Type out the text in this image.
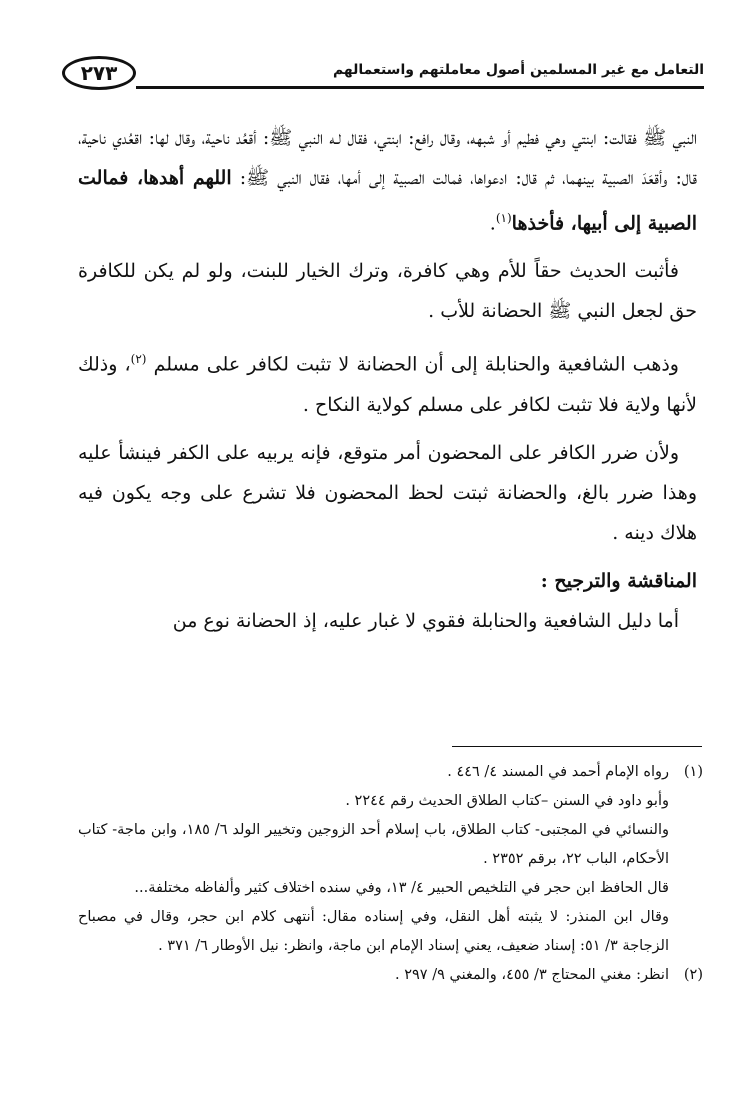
التعامل مع غير المسلمين أصول معاملتهم واستعمالهم
٢٧٣

النبي ﷺ فقالت: ابنتي وهي فطيم أو شبهه، وقال رافع: ابنتي، فقال لـه النبي ﷺ: أقعُد ناحية، وقال لها: اقعُدي ناحية، قال: وأقعَدَ الصبية بينهما، ثم قال: ادعواها، فمالت الصبية إلى أمها، فقال النبي ﷺ: اللهم أهدها، فمالت الصبية إلى أبيها، فأخذها$^{(١)}$.

فأثبت الحديث حقاً للأم وهي كافرة، وترك الخيار للبنت، ولو لم يكن للكافرة حق لجعل النبي ﷺ الحضانة للأب .

وذهب الشافعية والحنابلة إلى أن الحضانة لا تثبت لكافر على مسلم $^{(٢)}$، وذلك لأنها ولاية فلا تثبت لكافر على مسلم كولاية النكاح .

ولأن ضرر الكافر على المحضون أمر متوقع، فإنه يربيه على الكفر فينشأ عليه وهذا ضرر بالغ، والحضانة ثبتت لحظ المحضون فلا تشرع على وجه يكون فيه هلاك دينه .

المناقشة والترجيح :

أما دليل الشافعية والحنابلة فقوي لا غبار عليه، إذ الحضانة نوع من

(١)رواه الإمام أحمد في المسند ٤/ ٤٤٦ .

وأبو داود في السنن –كتاب الطلاق الحديث رقم ٢٢٤٤ .

والنسائي في المجتبى- كتاب الطلاق، باب إسلام أحد الزوجين وتخيير الولد ٦/ ١٨٥، وابن ماجة- كتاب الأحكام، الباب ٢٢، برقم ٢٣٥٢ .

قال الحافظ ابن حجر في التلخيص الحبير ٤/ ١٣، وفي سنده اختلاف كثير وألفاظه مختلفة...

وقال ابن المنذر: لا يثبته أهل النقل، وفي إسناده مقال: أنتهى كلام ابن حجر، وقال في مصباح الزجاجة ٣/ ٥١: إسناد ضعيف، يعني إسناد الإمام ابن ماجة، وانظر: نيل الأوطار ٦/ ٣٧١ .

(٢)انظر: مغني المحتاج ٣/ ٤٥٥، والمغني ٩/ ٢٩٧ .
